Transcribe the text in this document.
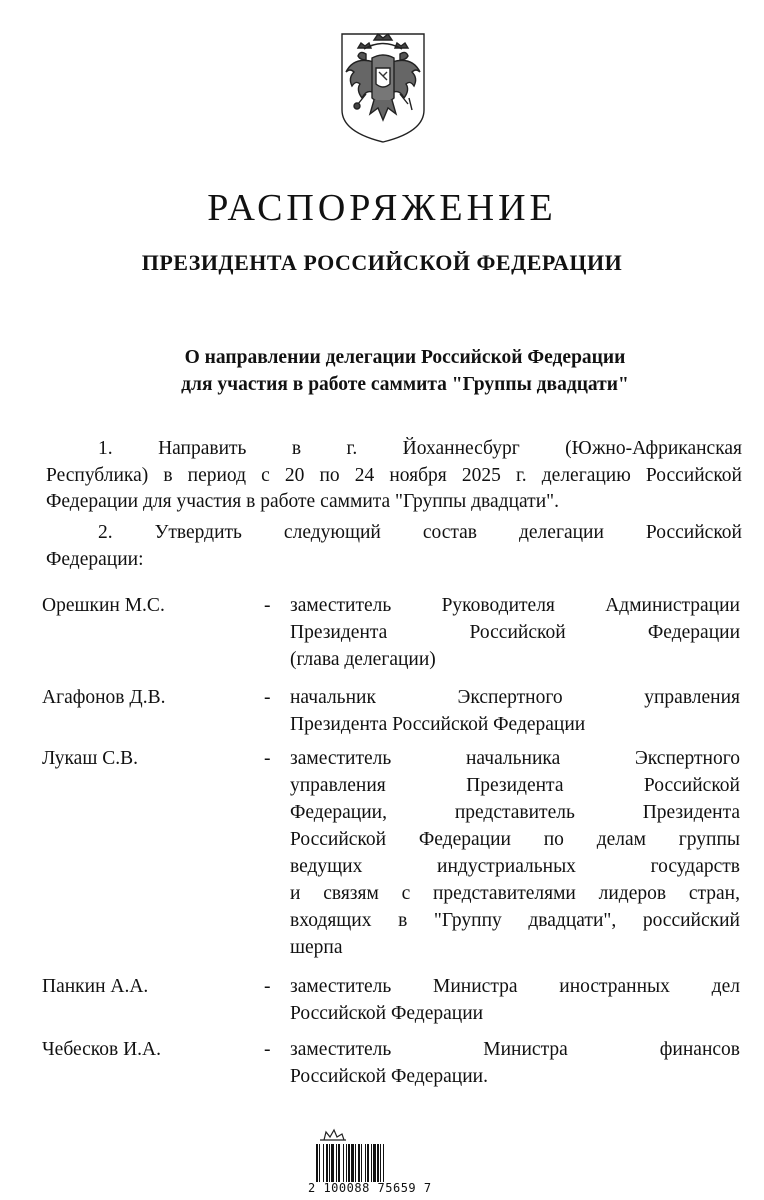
РАСПОРЯЖЕНИЕ
ПРЕЗИДЕНТА РОССИЙСКОЙ ФЕДЕРАЦИИ
О направлении делегации Российской Федерации
для участия в работе саммита "Группы двадцати"
1. Направить в г. Йоханнесбург (Южно-Африканская
Республика) в период с 20 по 24 ноября 2025 г. делегацию Российской
Федерации для участия в работе саммита "Группы двадцати".
2. Утвердить следующий состав делегации Российской
Федерации:
Орешкин М.С.	- заместитель Руководителя Администрации
Президента Российской Федерации
(глава делегации)
Агафонов Д.В.	- начальник Экспертного управления
Президента Российской Федерации
Лукаш С.В.	- заместитель начальника Экспертного
управления Президента Российской
Федерации, представитель Президента
Российской Федерации по делам группы
ведущих индустриальных государств
и связям с представителями лидеров стран,
входящих в "Группу двадцати", российский
шерпа
Панкин А.А.	- заместитель Министра иностранных дел
Российской Федерации
Чебесков И.А.	- заместитель Министра финансов
Российской Федерации.
2 100088 75659 7
